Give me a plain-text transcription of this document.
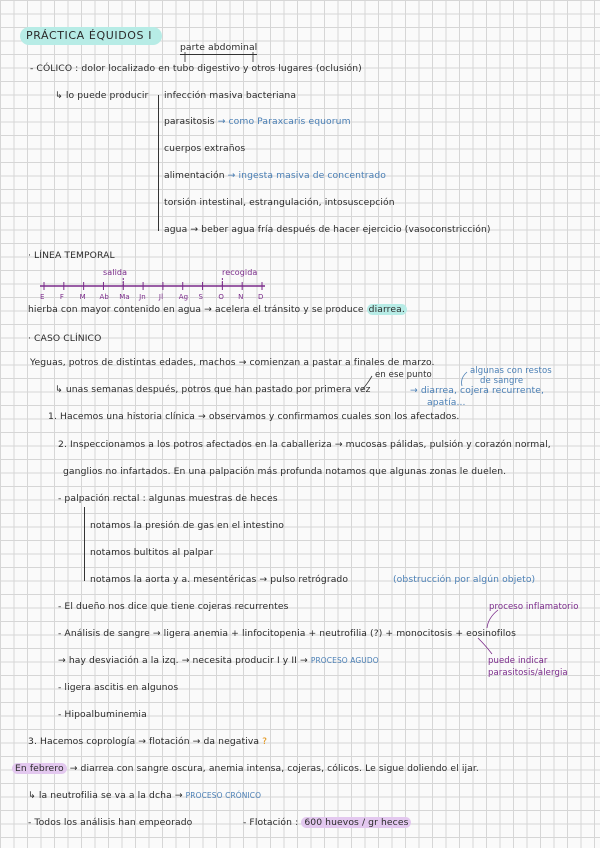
PRÁCTICA ÉQUIDOS I
parte abdominal
- CÓLICO : dolor localizado en tubo digestivo y otros lugares (oclusión)
↳ lo puede producir infección masiva bacteriana
parasitosis → como Paraxcaris equorum
cuerpos extraños
alimentación → ingesta masiva de concentrado
torsión intestinal, estrangulación, intosuscepción
agua → beber agua fría después de hacer ejercicio (vasoconstricción)
· LÍNEA TEMPORAL
salida	recogida
E F M Ab Ma Jn Jl Ag S O N D
hierba con mayor contenido en agua → acelera el tránsito y se produce diarrea.
· CASO CLÍNICO
Yeguas, potros de distintas edades, machos → comienzan a pastar a finales de marzo.
en ese punto
↳ unas semanas después, potros que han pastado por primera vez
algunas con restos
de sangre
→ diarrea, cojera recurrente,
apatía...
1. Hacemos una historia clínica → observamos y confirmamos cuales son los afectados.
2. Inspeccionamos a los potros afectados en la caballeriza → mucosas pálidas, pulsión y corazón normal,
ganglios no infartados. En una palpación más profunda notamos que algunas zonas le duelen.
- palpación rectal : algunas muestras de heces
notamos la presión de gas en el intestino
notamos bultitos al palpar
notamos la aorta y a. mesentéricas → pulso retrógrado	(obstrucción por algún objeto)
- El dueño nos dice que tiene cojeras recurrentes	proceso inflamatorio
- Análisis de sangre → ligera anemia + linfocitopenia + neutrofilia (?) + monocitosis + eosinofilos
→ hay desviación a la izq. → necesita producir I y II → PROCESO AGUDO	puede indicar
parasitosis/alergia
- ligera ascitis en algunos
- Hipoalbuminemia
3. Hacemos coprología → flotación → da negativa ?
En febrero → diarrea con sangre oscura, anemia intensa, cojeras, cólicos. Le sigue doliendo el ijar.
↳ la neutrofilia se va a la dcha → PROCESO CRÓNICO
- Todos los análisis han empeorado	- Flotación : 600 huevos / gr heces
